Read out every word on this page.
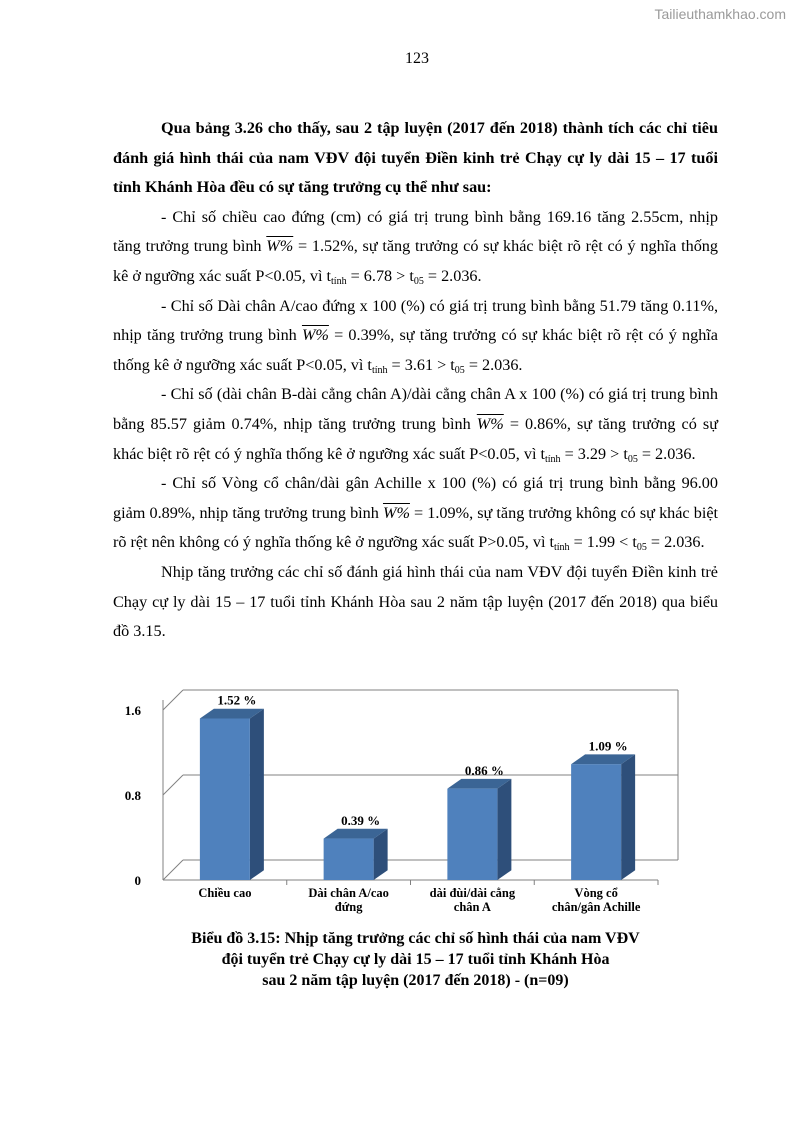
Tailieuthamkhao.com
123

Qua bảng 3.26 cho thấy, sau 2 tập luyện (2017 đến 2018) thành tích các chỉ tiêu đánh giá hình thái của nam VĐV đội tuyển Điền kinh trẻ Chạy cự ly dài 15 – 17 tuổi tỉnh Khánh Hòa đều có sự tăng trưởng cụ thể như sau:

- Chỉ số chiều cao đứng (cm) có giá trị trung bình bằng 169.16 tăng 2.55cm, nhịp tăng trưởng trung bình W% = 1.52%, sự tăng trưởng có sự khác biệt rõ rệt có ý nghĩa thống kê ở ngưỡng xác suất P<0.05, vì $t_{tính} = 6.78 > t_{05} = 2.036$.

- Chỉ số Dài chân A/cao đứng x 100 (%) có giá trị trung bình bằng 51.79 tăng 0.11%, nhịp tăng trưởng trung bình W% = 0.39%, sự tăng trưởng có sự khác biệt rõ rệt có ý nghĩa thống kê ở ngưỡng xác suất P<0.05, vì $t_{tính} = 3.61 > t_{05} = 2.036$.

- Chỉ số (dài chân B-dài cẳng chân A)/dài cẳng chân A x 100 (%) có giá trị trung bình bằng 85.57 giảm 0.74%, nhịp tăng trưởng trung bình W% = 0.86%, sự tăng trưởng có sự khác biệt rõ rệt có ý nghĩa thống kê ở ngưỡng xác suất P<0.05, vì $t_{tính} = 3.29 > t_{05} = 2.036$.

- Chỉ số Vòng cổ chân/dài gân Achille x 100 (%) có giá trị trung bình bằng 96.00 giảm 0.89%, nhịp tăng trưởng trung bình W% = 1.09%, sự tăng trưởng không có sự khác biệt rõ rệt nên không có ý nghĩa thống kê ở ngưỡng xác suất P>0.05, vì $t_{tính} = 1.99 < t_{05} = 2.036$.

Nhịp tăng trưởng các chỉ số đánh giá hình thái của nam VĐV đội tuyển Điền kinh trẻ Chạy cự ly dài 15 – 17 tuổi tỉnh Khánh Hòa sau 2 năm tập luyện (2017 đến 2018) qua biểu đồ 3.15.

0
0.8
1.6
1.52 %
Chiều cao
0.39 %
Dài chân A/cao
đứng
0.86 %
dài đùi/dài cẳng
chân A
1.09 %
Vòng cổ
chân/gân Achille
Biểu đồ 3.15: Nhịp tăng trưởng các chỉ số hình thái của nam VĐV
đội tuyển trẻ Chạy cự ly dài 15 – 17 tuổi tỉnh Khánh Hòa
sau 2 năm tập luyện (2017 đến 2018) - (n=09)
